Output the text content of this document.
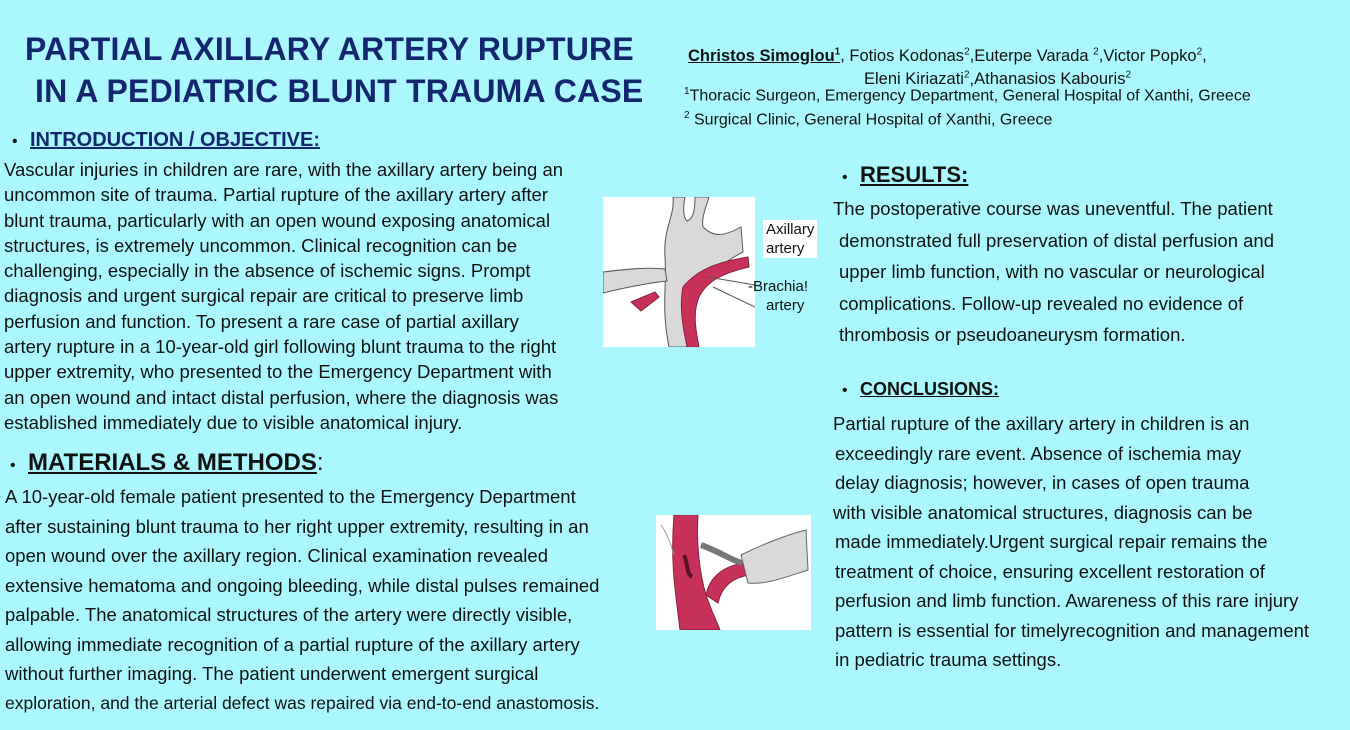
PARTIAL AXILLARY ARTERY RUPTURE
IN A PEDIATRIC BLUNT TRAUMA CASE
Christos Simoglou$^1$, Fotios Kodonas$^2$,Euterpe Varada $^2$,Victor Popko$^2$,
Eleni Kiriazati$^2$,Athanasios Kabouris$^2$
$^1$Thoracic Surgeon, Emergency Department, General Hospital of Xanthi, Greece
$^2$ Surgical Clinic, General Hospital of Xanthi, Greece
• INTRODUCTION / OBJECTIVE:
Vascular injuries in children are rare, with the axillary artery being an
uncommon site of trauma. Partial rupture of the axillary artery after
blunt trauma, particularly with an open wound exposing anatomical
structures, is extremely uncommon. Clinical recognition can be
challenging, especially in the absence of ischemic signs. Prompt
diagnosis and urgent surgical repair are critical to preserve limb
perfusion and function. To present a rare case of partial axillary
artery rupture in a 10-year-old girl following blunt trauma to the right
upper extremity, who presented to the Emergency Department with
an open wound and intact distal perfusion, where the diagnosis was
established immediately due to visible anatomical injury.
Axillary
artery
-Brachia!
artery
• MATERIALS & METHODS:
A 10-year-old female patient presented to the Emergency Department
after sustaining blunt trauma to her right upper extremity, resulting in an
open wound over the axillary region. Clinical examination revealed
extensive hematoma and ongoing bleeding, while distal pulses remained
palpable. The anatomical structures of the artery were directly visible,
allowing immediate recognition of a partial rupture of the axillary artery
without further imaging. The patient underwent emergent surgical
exploration, and the arterial defect was repaired via end-to-end anastomosis.
• RESULTS:
The postoperative course was uneventful. The patient
demonstrated full preservation of distal perfusion and
upper limb function, with no vascular or neurological
complications. Follow-up revealed no evidence of
thrombosis or pseudoaneurysm formation.
• CONCLUSIONS:
Partial rupture of the axillary artery in children is an
exceedingly rare event. Absence of ischemia may
delay diagnosis; however, in cases of open trauma
with visible anatomical structures, diagnosis can be
made immediately.Urgent surgical repair remains the
treatment of choice, ensuring excellent restoration of
perfusion and limb function. Awareness of this rare injury
pattern is essential for timelyrecognition and management
in pediatric trauma settings.
